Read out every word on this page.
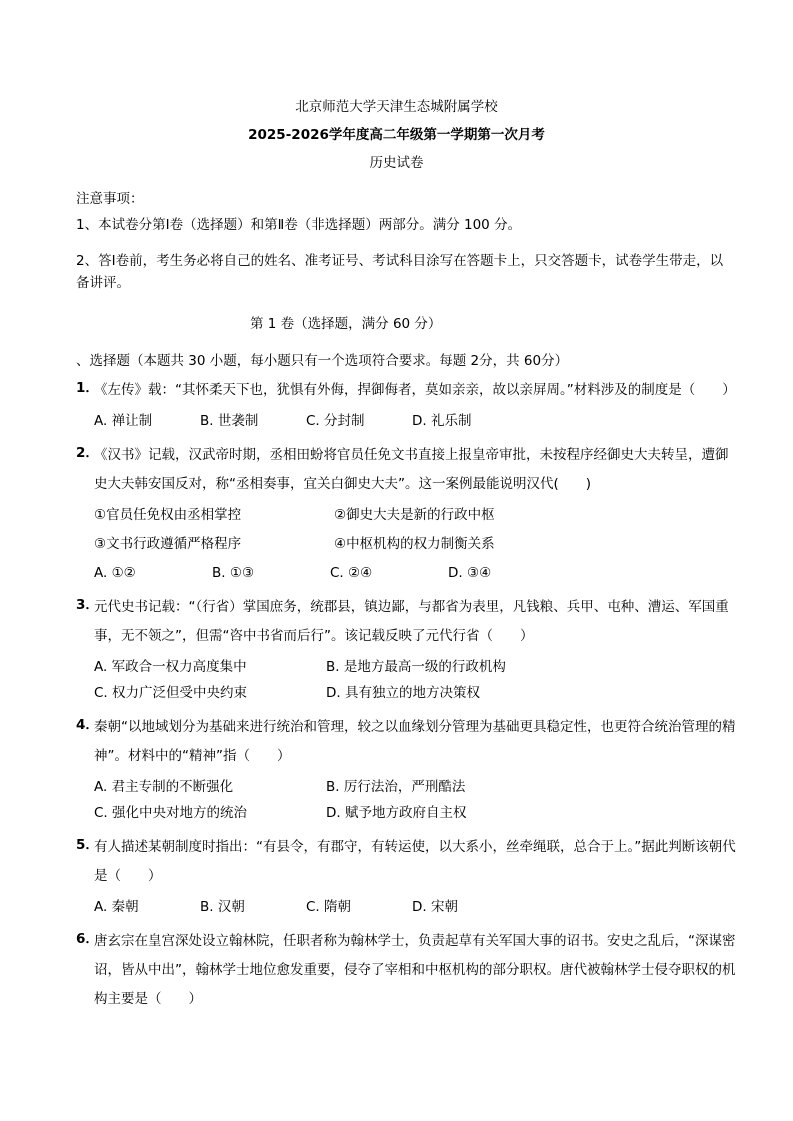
北京师范大学天津生态城附属学校
2025-2026学年度高二年级第一学期第一次月考
历史试卷
注意事项：
1、本试卷分第Ⅰ卷（选择题）和第Ⅱ卷（非选择题）两部分。满分 100 分。
2、答Ⅰ卷前，考生务必将自己的姓名、准考证号、考试科目涂写在答题卡上，只交答题卡，试卷学生带走，以备讲评。
第 1 卷（选择题，满分 60 分）
、选择题（本题共 30 小题，每小题只有一个选项符合要求。每题 2分，共 60分）
1．
《左传》载：“其怀柔天下也，犹惧有外侮，捍御侮者，莫如亲亲，故以亲屏周。”材料涉及的制度是（　　）
A. 禅让制	B. 世袭制	C. 分封制	D. 礼乐制
2．
《汉书》记载，汉武帝时期，丞相田蚡将官员任免文书直接上报皇帝审批，未按程序经御史大夫转呈，遭御史大夫韩安国反对，称“丞相奏事，宜关白御史大夫”。这一案例最能说明汉代(　　)
①官员任免权由丞相掌控	②御史大夫是新的行政中枢
③文书行政遵循严格程序	④中枢机构的权力制衡关系
A. ①②	B. ①③	C. ②④	D. ③④
3．
元代史书记载：“（行省）掌国庶务，统郡县，镇边鄙，与都省为表里，凡钱粮、兵甲、屯种、漕运、军国重事，无不领之”，但需“咨中书省而后行”。该记载反映了元代行省（　　）
A. 军政合一权力高度集中	B. 是地方最高一级的行政机构
C. 权力广泛但受中央约束	D. 具有独立的地方决策权
4．
秦朝“以地域划分为基础来进行统治和管理，较之以血缘划分管理为基础更具稳定性，也更符合统治管理的精神”。材料中的“精神”指（　　）
A. 君主专制的不断强化	B. 厉行法治，严刑酷法
C. 强化中央对地方的统治	D. 赋予地方政府自主权
5．
有人描述某朝制度时指出：“有县令，有郡守，有转运使，以大系小，丝牵绳联，总合于上。”据此判断该朝代是（　　）
A. 秦朝	B. 汉朝	C. 隋朝	D. 宋朝
6．
唐玄宗在皇宫深处设立翰林院，任职者称为翰林学士，负责起草有关军国大事的诏书。安史之乱后，“深谋密诏，皆从中出”，翰林学士地位愈发重要，侵夺了宰相和中枢机构的部分职权。唐代被翰林学士侵夺职权的机构主要是（　　）
